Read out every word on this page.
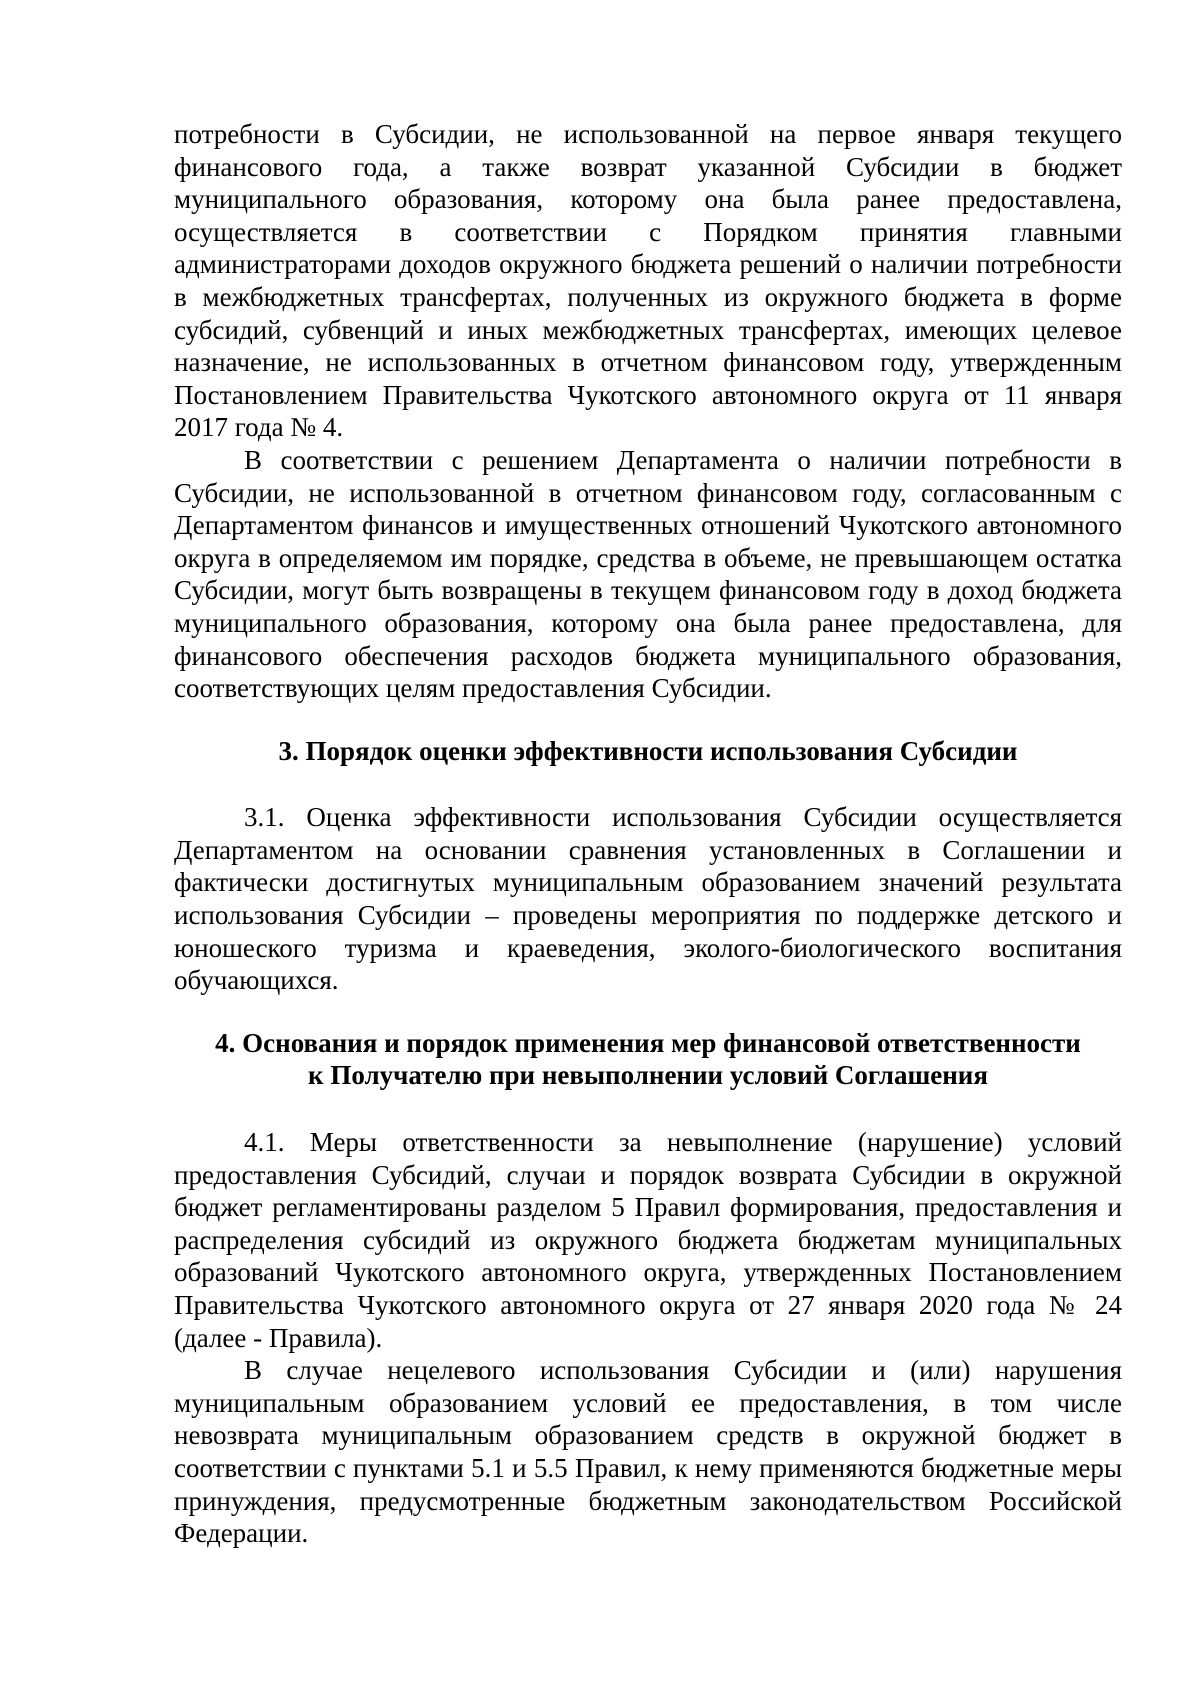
потребности в Субсидии, не использованной на первое января текущего финансового года, а также возврат указанной Субсидии в бюджет муниципального образования, которому она была ранее предоставлена, осуществляется в соответствии с Порядком принятия главными администраторами доходов окружного бюджета решений о наличии потребности в межбюджетных трансфертах, полученных из окружного бюджета в форме субсидий, субвенций и иных межбюджетных трансфертах, имеющих целевое назначение, не использованных в отчетном финансовом году, утвержденным Постановлением Правительства Чукотского автономного округа от 11 января 2017 года № 4.

В соответствии с решением Департамента о наличии потребности в Субсидии, не использованной в отчетном финансовом году, согласованным с Департаментом финансов и имущественных отношений Чукотского автономного округа в определяемом им порядке, средства в объеме, не превышающем остатка Субсидии, могут быть возвращены в текущем финансовом году в доход бюджета муниципального образования, которому она была ранее предоставлена, для финансового обеспечения расходов бюджета муниципального образования, соответствующих целям предоставления Субсидии.

3. Порядок оценки эффективности использования Субсидии

3.1. Оценка эффективности использования Субсидии осуществляется Департаментом на основании сравнения установленных в Соглашении и фактически достигнутых муниципальным образованием значений результата использования Субсидии – проведены мероприятия по поддержке детского и юношеского туризма и краеведения, эколого-биологического воспитания обучающихся.

4. Основания и порядок применения мер финансовой ответственности
к Получателю при невыполнении условий Соглашения

4.1. Меры ответственности за невыполнение (нарушение) условий предоставления Субсидий, случаи и порядок возврата Субсидии в окружной бюджет регламентированы разделом 5 Правил формирования, предоставления и распределения субсидий из окружного бюджета бюджетам муниципальных образований Чукотского автономного округа, утвержденных Постановлением Правительства Чукотского автономного округа от 27 января 2020 года № 24 (далее - Правила).

В случае нецелевого использования Субсидии и (или) нарушения муниципальным образованием условий ее предоставления, в том числе невозврата муниципальным образованием средств в окружной бюджет в соответствии с пунктами 5.1 и 5.5 Правил, к нему применяются бюджетные меры принуждения, предусмотренные бюджетным законодательством Российской Федерации.
